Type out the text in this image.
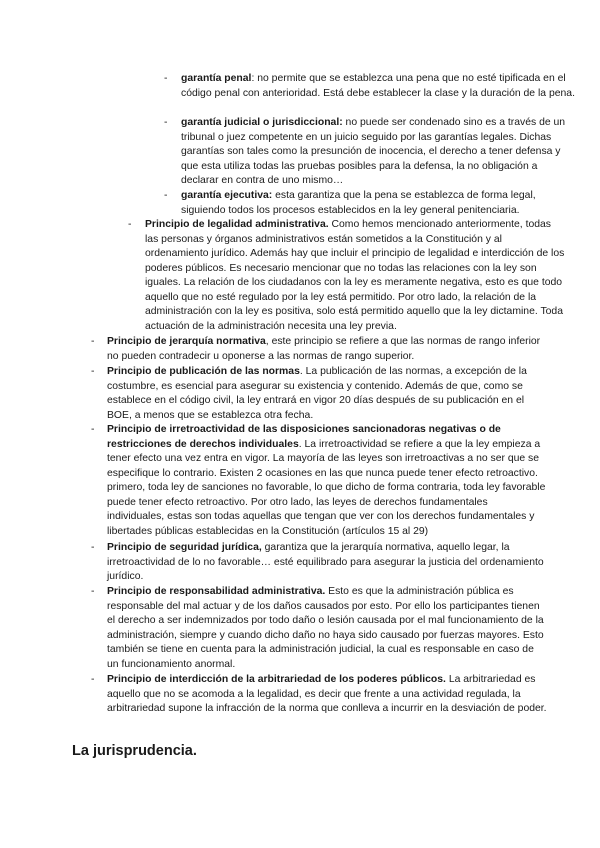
- garantía penal: no permite que se establezca una pena que no esté tipificada en el código penal con anterioridad. Está debe establecer la clase y la duración de la pena.
- garantía judicial o jurisdiccional: no puede ser condenado sino es a través de un tribunal o juez competente en un juicio seguido por las garantías legales. Dichas garantías son tales como la presunción de inocencia, el derecho a tener defensa y que esta utiliza todas las pruebas posibles para la defensa, la no obligación a declarar en contra de uno mismo…
- garantía ejecutiva: esta garantiza que la pena se establezca de forma legal, siguiendo todos los procesos establecidos en la ley general penitenciaria.
- Principio de legalidad administrativa. Como hemos mencionado anteriormente, todas las personas y órganos administrativos están sometidos a la Constitución y al ordenamiento jurídico. Además hay que incluir el principio de legalidad e interdicción de los poderes públicos. Es necesario mencionar que no todas las relaciones con la ley son iguales. La relación de los ciudadanos con la ley es meramente negativa, esto es que todo aquello que no esté regulado por la ley está permitido. Por otro lado, la relación de la administración con la ley es positiva, solo está permitido aquello que la ley dictamine. Toda actuación de la administración necesita una ley previa.
- Principio de jerarquía normativa, este principio se refiere a que las normas de rango inferior no pueden contradecir u oponerse a las normas de rango superior.
- Principio de publicación de las normas. La publicación de las normas, a excepción de la costumbre, es esencial para asegurar su existencia y contenido. Además de que, como se establece en el código civil, la ley entrará en vigor 20 días después de su publicación en el BOE, a menos que se establezca otra fecha.
- Principio de irretroactividad de las disposiciones sancionadoras negativas o de restricciones de derechos individuales. La irretroactividad se refiere a que la ley empieza a tener efecto una vez entra en vigor. La mayoría de las leyes son irretroactivas a no ser que se especifique lo contrario. Existen 2 ocasiones en las que nunca puede tener efecto retroactivo. primero, toda ley de sanciones no favorable, lo que dicho de forma contraria, toda ley favorable puede tener efecto retroactivo. Por otro lado, las leyes de derechos fundamentales individuales, estas son todas aquellas que tengan que ver con los derechos fundamentales y libertades públicas establecidas en la Constitución (artículos 15 al 29)
- Principio de seguridad jurídica, garantiza que la jerarquía normativa, aquello legar, la irretroactividad de lo no favorable… esté equilibrado para asegurar la justicia del ordenamiento jurídico.
- Principio de responsabilidad administrativa. Esto es que la administración pública es responsable del mal actuar y de los daños causados por esto. Por ello los participantes tienen el derecho a ser indemnizados por todo daño o lesión causada por el mal funcionamiento de la administración, siempre y cuando dicho daño no haya sido causado por fuerzas mayores. Esto también se tiene en cuenta para la administración judicial, la cual es responsable en caso de un funcionamiento anormal.
- Principio de interdicción de la arbitrariedad de los poderes públicos. La arbitrariedad es aquello que no se acomoda a la legalidad, es decir que frente a una actividad regulada, la arbitrariedad supone la infracción de la norma que conlleva a incurrir en la desviación de poder.
La jurisprudencia.
